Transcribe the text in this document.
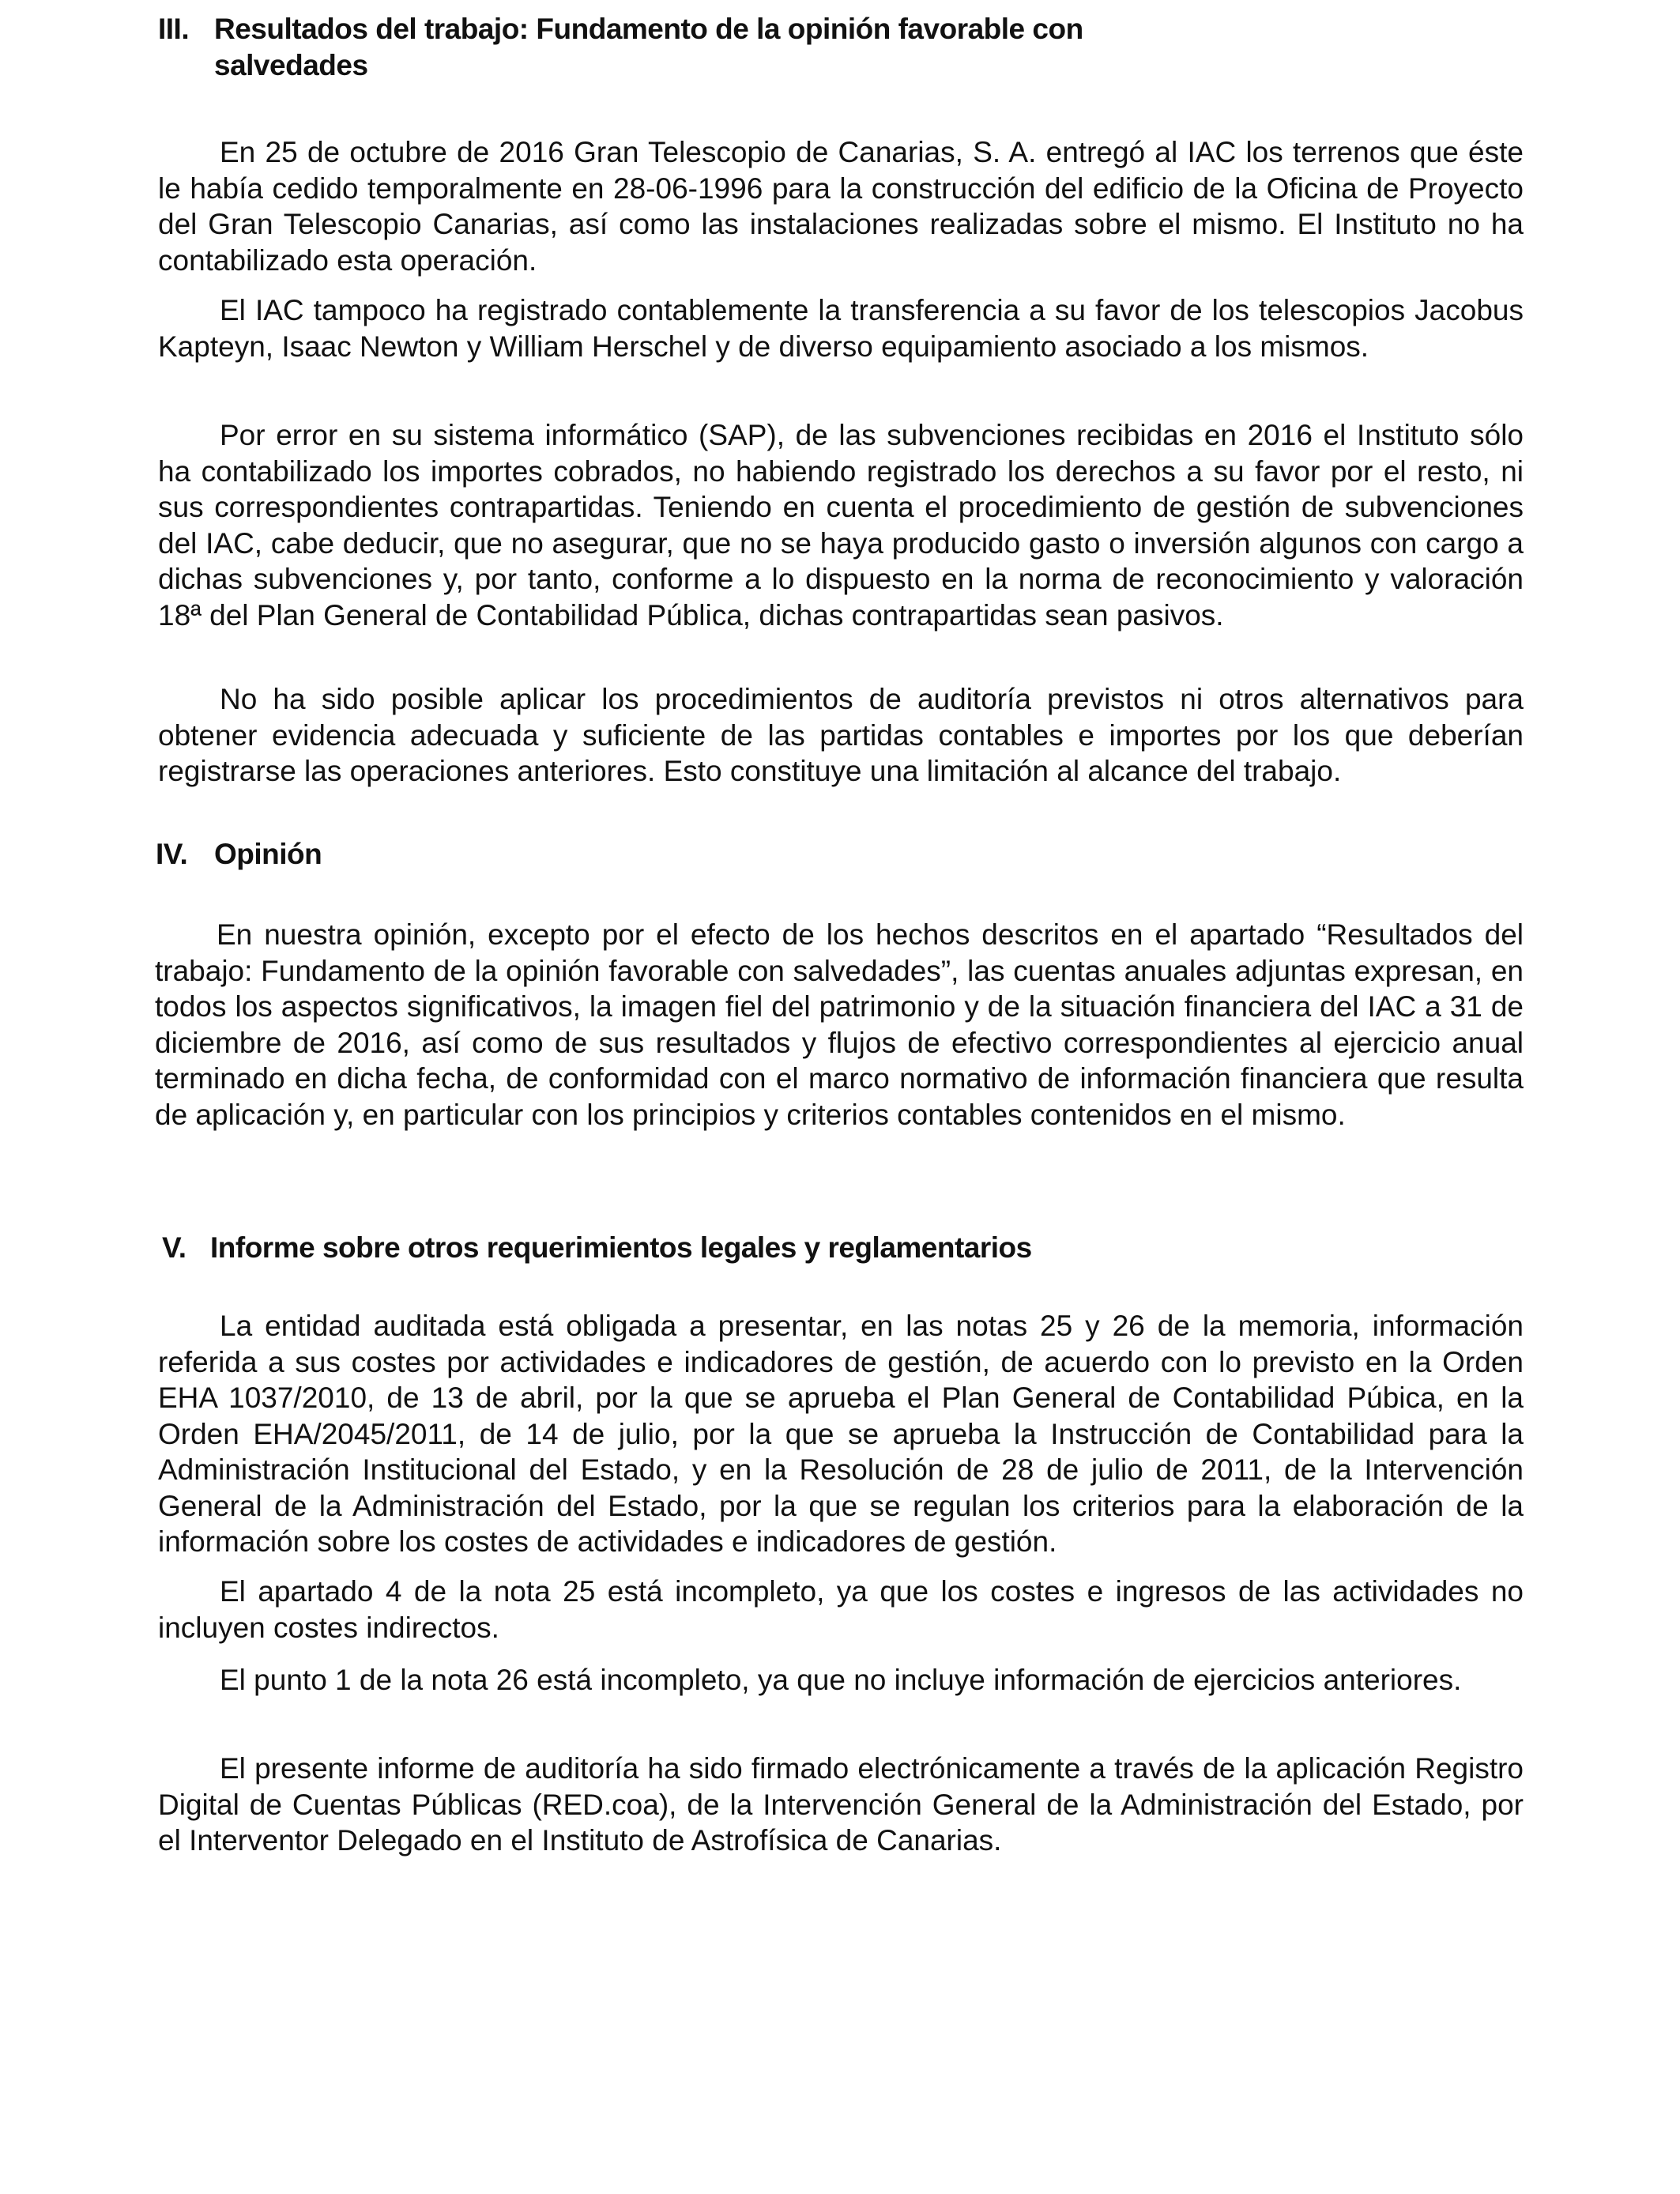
III. Resultados del trabajo: Fundamento de la opinión favorable con
salvedades

En 25 de octubre de 2016 Gran Telescopio de Canarias, S. A. entregó al IAC los terrenos que éste le había cedido temporalmente en 28-06-1996 para la construcción del edificio de la Oficina de Proyecto del Gran Telescopio Canarias, así como las instalaciones realizadas sobre el mismo. El Instituto no ha contabilizado esta operación.

El IAC tampoco ha registrado contablemente la transferencia a su favor de los telescopios Jacobus Kapteyn, Isaac Newton y William Herschel y de diverso equipamiento asociado a los mismos.

Por error en su sistema informático (SAP), de las subvenciones recibidas en 2016 el Instituto sólo ha contabilizado los importes cobrados, no habiendo registrado los derechos a su favor por el resto, ni sus correspondientes contrapartidas. Teniendo en cuenta el procedimiento de gestión de subvenciones del IAC, cabe deducir, que no asegurar, que no se haya producido gasto o inversión algunos con cargo a dichas subvenciones y, por tanto, conforme a lo dispuesto en la norma de reconocimiento y valoración 18ª del Plan General de Contabilidad Pública, dichas contrapartidas sean pasivos.

No ha sido posible aplicar los procedimientos de auditoría previstos ni otros alternativos para obtener evidencia adecuada y suficiente de las partidas contables e importes por los que deberían registrarse las operaciones anteriores. Esto constituye una limitación al alcance del trabajo.

IV. Opinión

En nuestra opinión, excepto por el efecto de los hechos descritos en el apartado “Resultados del trabajo: Fundamento de la opinión favorable con salvedades”, las cuentas anuales adjuntas expresan, en todos los aspectos significativos, la imagen fiel del patrimonio y de la situación financiera del IAC a 31 de diciembre de 2016, así como de sus resultados y flujos de efectivo correspondientes al ejercicio anual terminado en dicha fecha, de conformidad con el marco normativo de información financiera que resulta de aplicación y, en particular con los principios y criterios contables contenidos en el mismo.

V. Informe sobre otros requerimientos legales y reglamentarios

La entidad auditada está obligada a presentar, en las notas 25 y 26 de la memoria, información referida a sus costes por actividades e indicadores de gestión, de acuerdo con lo previsto en la Orden EHA 1037/2010, de 13 de abril, por la que se aprueba el Plan General de Contabilidad Púbica, en la Orden EHA/2045/2011, de 14 de julio, por la que se aprueba la Instrucción de Contabilidad para la Administración Institucional del Estado, y en la Resolución de 28 de julio de 2011, de la Intervención General de la Administración del Estado, por la que se regulan los criterios para la elaboración de la información sobre los costes de actividades e indicadores de gestión.

El apartado 4 de la nota 25 está incompleto, ya que los costes e ingresos de las actividades no incluyen costes indirectos.

El punto 1 de la nota 26 está incompleto, ya que no incluye información de ejercicios anteriores.

El presente informe de auditoría ha sido firmado electrónicamente a través de la aplicación Registro Digital de Cuentas Públicas (RED.coa), de la Intervención General de la Administración del Estado, por el Interventor Delegado en el Instituto de Astrofísica de Canarias.
